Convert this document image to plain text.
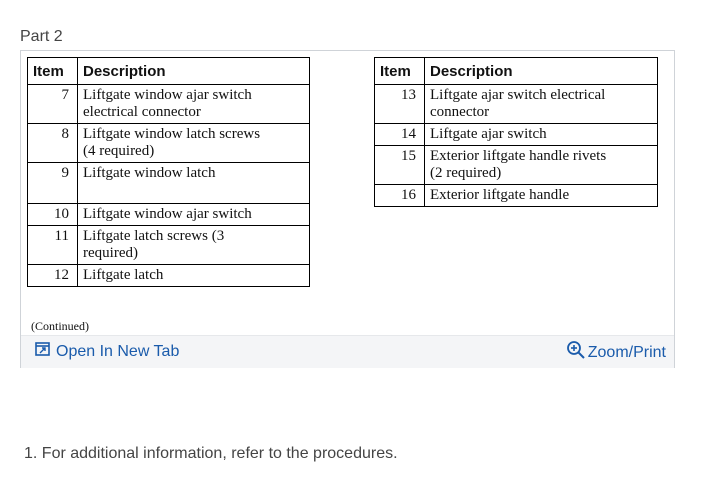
Part 2
Item	Description
7	Liftgate window ajar switch
electrical connector
8	Liftgate window latch screws
(4 required)
9	Liftgate window latch
10	Liftgate window ajar switch
11	Liftgate latch screws (3
required)
12	Liftgate latch
Item	Description
13	Liftgate ajar switch electrical
connector
14	Liftgate ajar switch
15	Exterior liftgate handle rivets
(2 required)
16	Exterior liftgate handle
(Continued)
Open In New Tab	Zoom/Print
1. For additional information, refer to the procedures.
